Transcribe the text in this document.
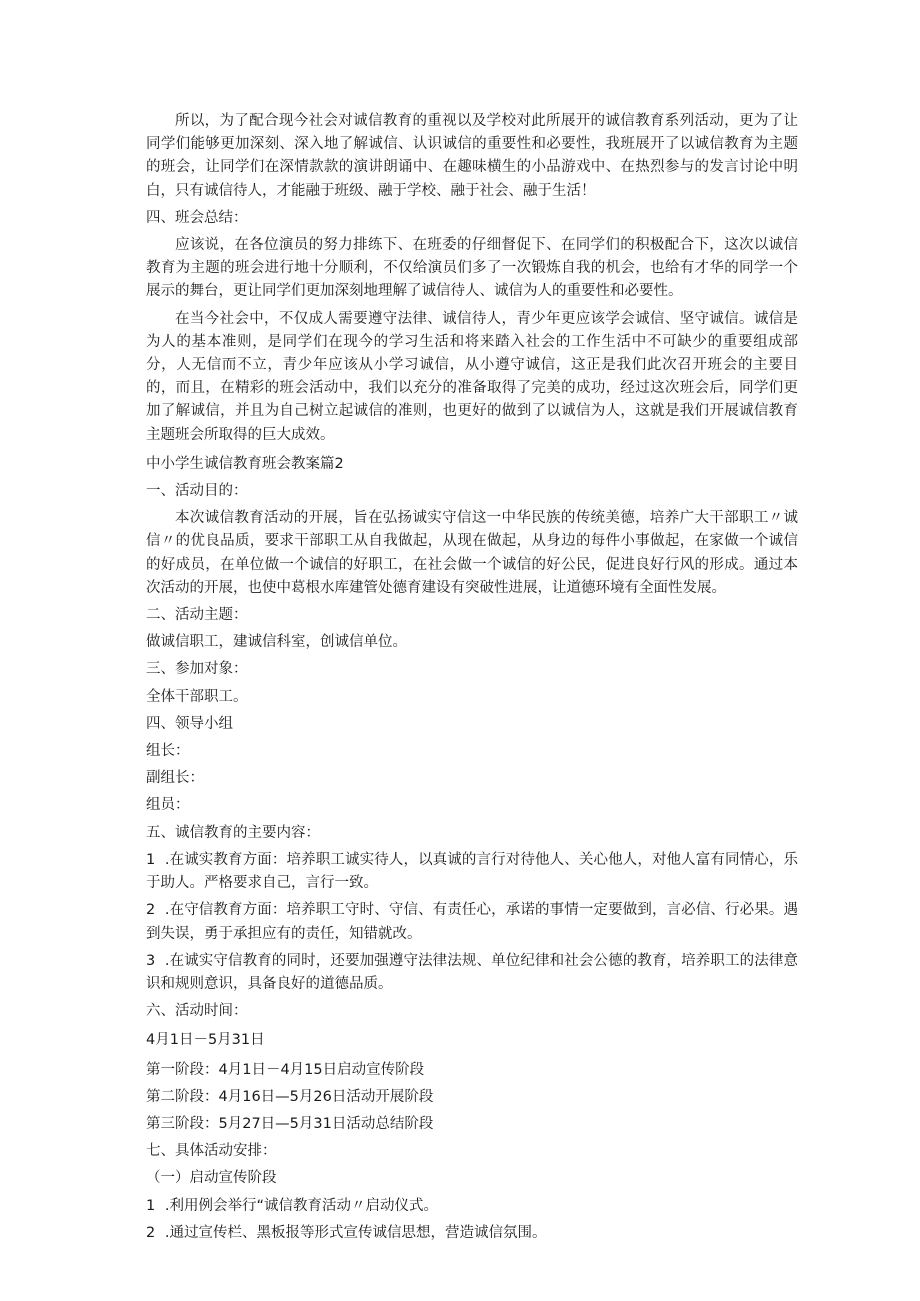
所以，为了配合现今社会对诚信教育的重视以及学校对此所展开的诚信教育系列活动，更为了让同学们能够更加深刻、深入地了解诚信、认识诚信的重要性和必要性，我班展开了以诚信教育为主题的班会，让同学们在深情款款的演讲朗诵中、在趣味横生的小品游戏中、在热烈参与的发言讨论中明白，只有诚信待人，才能融于班级、融于学校、融于社会、融于生活！

四、班会总结：

应该说，在各位演员的努力排练下、在班委的仔细督促下、在同学们的积极配合下，这次以诚信教育为主题的班会进行地十分顺利，不仅给演员们多了一次锻炼自我的机会，也给有才华的同学一个展示的舞台，更让同学们更加深刻地理解了诚信待人、诚信为人的重要性和必要性。

在当今社会中，不仅成人需要遵守法律、诚信待人，青少年更应该学会诚信、坚守诚信。诚信是为人的基本准则，是同学们在现今的学习生活和将来踏入社会的工作生活中不可缺少的重要组成部分，人无信而不立，青少年应该从小学习诚信，从小遵守诚信，这正是我们此次召开班会的主要目的，而且，在精彩的班会活动中，我们以充分的准备取得了完美的成功，经过这次班会后，同学们更加了解诚信，并且为自己树立起诚信的准则，也更好的做到了以诚信为人，这就是我们开展诚信教育主题班会所取得的巨大成效。

中小学生诚信教育班会教案篇2

一、活动目的：

本次诚信教育活动的开展，旨在弘扬诚实守信这一中华民族的传统美德，培养广大干部职工〃诚信〃的优良品质，要求干部职工从自我做起，从现在做起，从身边的每件小事做起，在家做一个诚信的好成员，在单位做一个诚信的好职工，在社会做一个诚信的好公民，促进良好行风的形成。通过本次活动的开展，也使中葛根水库建管处德育建设有突破性进展，让道德环境有全面性发展。

二、活动主题：

做诚信职工，建诚信科室，创诚信单位。

三、参加对象：

全体干部职工。

四、领导小组

组长：

副组长：

组员：

五、诚信教育的主要内容：

1 .在诚实教育方面：培养职工诚实待人，以真诚的言行对待他人、关心他人，对他人富有同情心，乐于助人。严格要求自己，言行一致。

2 .在守信教育方面：培养职工守时、守信、有责任心，承诺的事情一定要做到，言必信、行必果。遇到失误，勇于承担应有的责任，知错就改。

3 .在诚实守信教育的同时，还要加强遵守法律法规、单位纪律和社会公德的教育，培养职工的法律意识和规则意识，具备良好的道德品质。

六、活动时间：

4月1日－5月31日

第一阶段：4月1日－4月15日启动宣传阶段

第二阶段：4月16日—5月26日活动开展阶段

第三阶段：5月27日—5月31日活动总结阶段

七、具体活动安排：

（一）启动宣传阶段

1 .利用例会举行“诚信教育活动〃启动仪式。

2 .通过宣传栏、黑板报等形式宣传诚信思想，营造诚信氛围。
